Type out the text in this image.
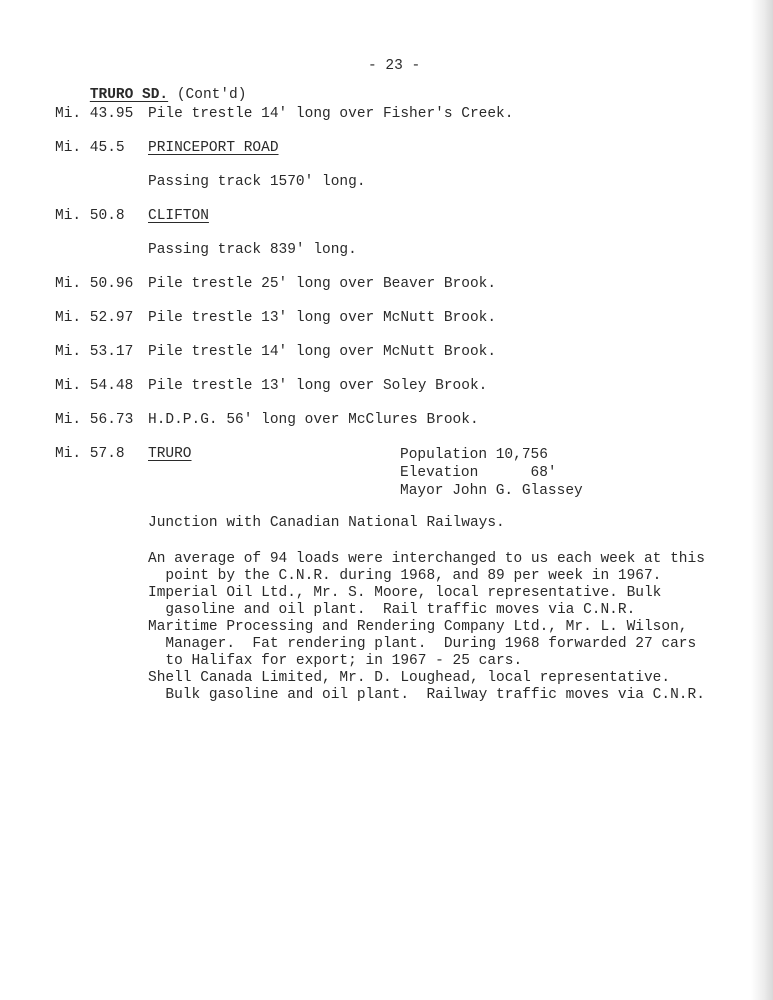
- 23 -

TRURO SD. (Cont'd)

Mi. 43.95 Pile trestle 14' long over Fisher's Creek.
Mi. 45.5 PRINCEPORT ROAD
Passing track 1570' long.
Mi. 50.8 CLIFTON
Passing track 839' long.
Mi. 50.96 Pile trestle 25' long over Beaver Brook.
Mi. 52.97 Pile trestle 13' long over McNutt Brook.
Mi. 53.17 Pile trestle 14' long over McNutt Brook.
Mi. 54.48 Pile trestle 13' long over Soley Brook.
Mi. 56.73 H.D.P.G. 56' long over McClures Brook.
Mi. 57.8 TRURO	Population 10,756
Elevation      68'
Mayor John G. Glassey
Junction with Canadian National Railways.
An average of 94 loads were interchanged to us each week at this
point by the C.N.R. during 1968, and 89 per week in 1967.
Imperial Oil Ltd., Mr. S. Moore, local representative. Bulk
gasoline and oil plant.  Rail traffic moves via C.N.R.
Maritime Processing and Rendering Company Ltd., Mr. L. Wilson,
Manager.  Fat rendering plant.  During 1968 forwarded 27 cars
to Halifax for export; in 1967 - 25 cars.
Shell Canada Limited, Mr. D. Loughead, local representative.
Bulk gasoline and oil plant.  Railway traffic moves via C.N.R.
